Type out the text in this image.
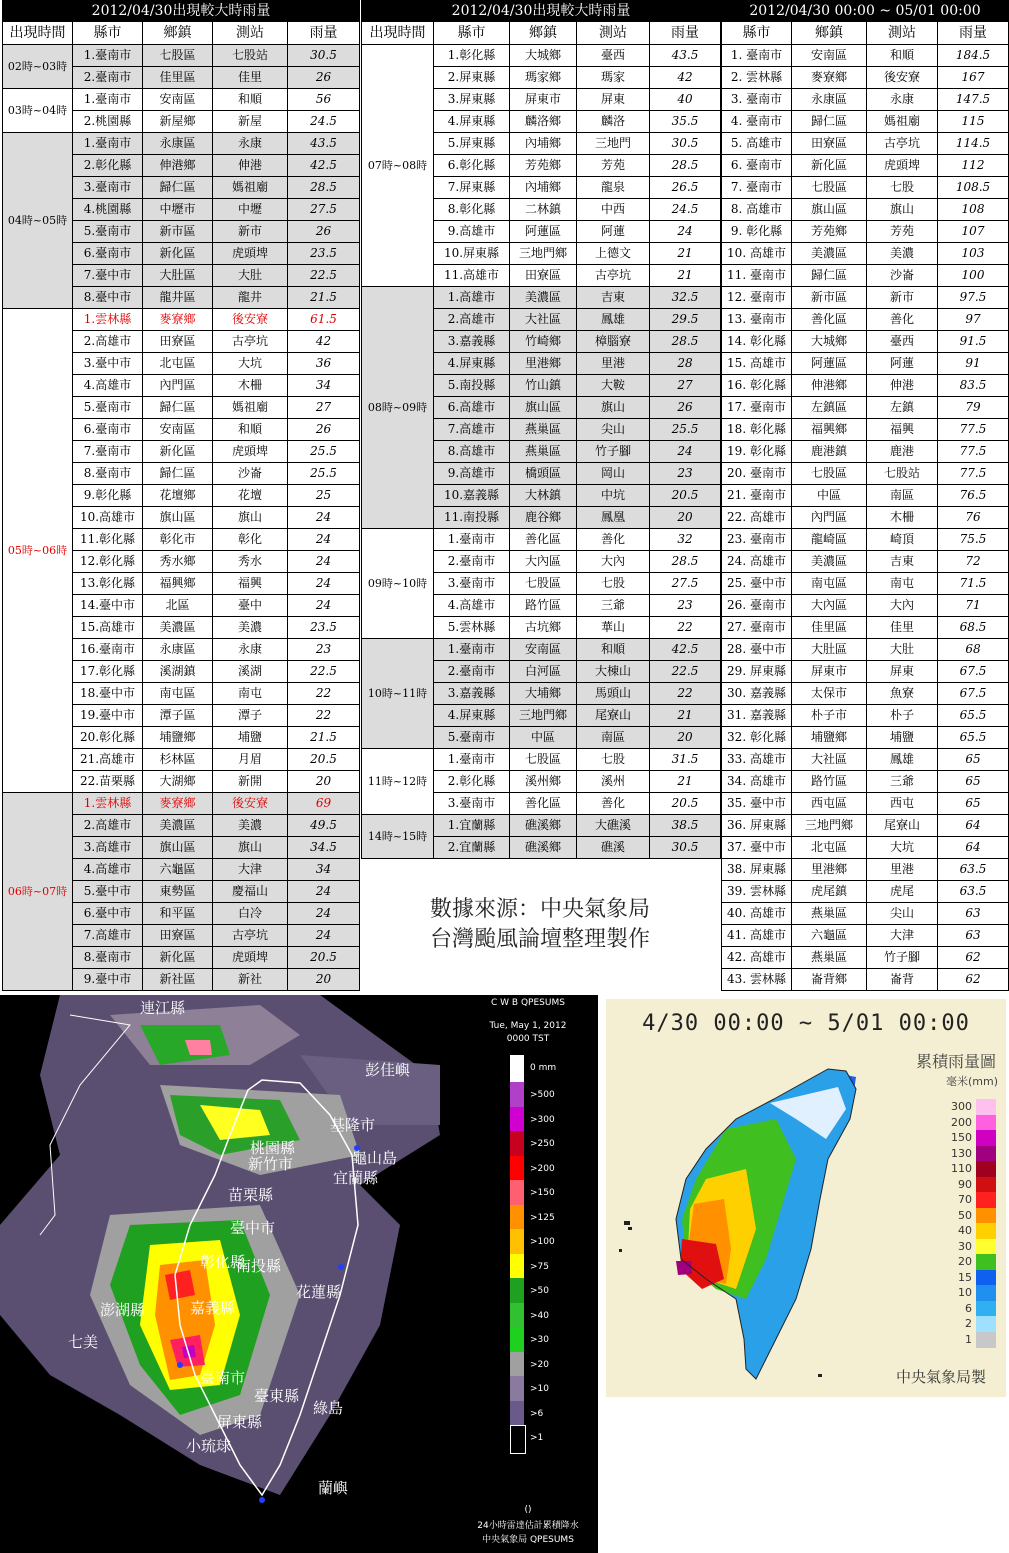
2012/04/30出現較大時雨量				
出現時間	縣市	鄉鎮	測站	雨量
02時~03時	1.臺南市	七股區	七股站	30.5
	2.臺南市	佳里區	佳里	26
03時~04時	1.臺南市	安南區	和順	56
	2.桃園縣	新屋鄉	新屋	24.5
04時~05時	1.臺南市	永康區	永康	43.5
	2.彰化縣	伸港鄉	伸港	42.5
	3.臺南市	歸仁區	媽祖廟	28.5
	4.桃園縣	中壢市	中壢	27.5
	5.臺南市	新市區	新市	26
	6.臺南市	新化區	虎頭埤	23.5
	7.臺中市	大肚區	大肚	22.5
	8.臺中市	龍井區	龍井	21.5
05時~06時	1.雲林縣	麥寮鄉	後安寮	61.5
	2.高雄市	田寮區	古亭坑	42
	3.臺中市	北屯區	大坑	36
	4.高雄市	內門區	木柵	34
	5.臺南市	歸仁區	媽祖廟	27
	6.臺南市	安南區	和順	26
	7.臺南市	新化區	虎頭埤	25.5
	8.臺南市	歸仁區	沙崙	25.5
	9.彰化縣	花壇鄉	花壇	25
	10.高雄市	旗山區	旗山	24
	11.彰化縣	彰化市	彰化	24
	12.彰化縣	秀水鄉	秀水	24
	13.彰化縣	福興鄉	福興	24
	14.臺中市	北區	臺中	24
	15.高雄市	美濃區	美濃	23.5
	16.臺南市	永康區	永康	23
	17.彰化縣	溪湖鎮	溪湖	22.5
	18.臺中市	南屯區	南屯	22
	19.臺中市	潭子區	潭子	22
	20.彰化縣	埔鹽鄉	埔鹽	21.5
	21.高雄市	杉林區	月眉	20.5
	22.苗栗縣	大湖鄉	新開	20
06時~07時	1.雲林縣	麥寮鄉	後安寮	69
	2.高雄市	美濃區	美濃	49.5
	3.高雄市	旗山區	旗山	34.5
	4.高雄市	六龜區	大津	34
	5.臺中市	東勢區	慶福山	24
	6.臺中市	和平區	白冷	24
	7.高雄市	田寮區	古亭坑	24
	8.臺南市	新化區	虎頭埤	20.5
	9.臺中市	新社區	新社	20
2012/04/30出現較大時雨量				
出現時間	縣市	鄉鎮	測站	雨量
07時~08時	1.彰化縣	大城鄉	臺西	43.5
	2.屏東縣	瑪家鄉	瑪家	42
	3.屏東縣	屏東市	屏東	40
	4.屏東縣	麟洛鄉	麟洛	35.5
	5.屏東縣	內埔鄉	三地門	30.5
	6.彰化縣	芳苑鄉	芳苑	28.5
	7.屏東縣	內埔鄉	龍泉	26.5
	8.彰化縣	二林鎮	中西	24.5
	9.高雄市	阿蓮區	阿蓮	24
	10.屏東縣	三地門鄉	上德文	21
	11.高雄市	田寮區	古亭坑	21
08時~09時	1.高雄市	美濃區	吉東	32.5
	2.高雄市	大社區	鳳雄	29.5
	3.嘉義縣	竹崎鄉	樟腦寮	28.5
	4.屏東縣	里港鄉	里港	28
	5.南投縣	竹山鎮	大鞍	27
	6.高雄市	旗山區	旗山	26
	7.高雄市	燕巢區	尖山	25.5
	8.高雄市	燕巢區	竹子腳	24
	9.高雄市	橋頭區	岡山	23
	10.嘉義縣	大林鎮	中坑	20.5
	11.南投縣	鹿谷鄉	鳳凰	20
09時~10時	1.臺南市	善化區	善化	32
	2.臺南市	大內區	大內	28.5
	3.臺南市	七股區	七股	27.5
	4.高雄市	路竹區	三爺	23
	5.雲林縣	古坑鄉	華山	22
10時~11時	1.臺南市	安南區	和順	42.5
	2.臺南市	白河區	大棟山	22.5
	3.嘉義縣	大埔鄉	馬頭山	22
	4.屏東縣	三地門鄉	尾寮山	21
	5.臺南市	中區	南區	20
11時~12時	1.臺南市	七股區	七股	31.5
	2.彰化縣	溪州鄉	溪州	21
	3.臺南市	善化區	善化	20.5
14時~15時	1.宜蘭縣	礁溪鄉	大礁溪	38.5
	2.宜蘭縣	礁溪鄉	礁溪	30.5
2012/04/30 00:00 ~ 05/01 00:00			
縣市	鄉鎮	測站	雨量
1. 臺南市	安南區	和順	184.5
2. 雲林縣	麥寮鄉	後安寮	167
3. 臺南市	永康區	永康	147.5
4. 臺南市	歸仁區	媽祖廟	115
5. 高雄市	田寮區	古亭坑	114.5
6. 臺南市	新化區	虎頭埤	112
7. 臺南市	七股區	七股	108.5
8. 高雄市	旗山區	旗山	108
9. 彰化縣	芳苑鄉	芳苑	107
10. 高雄市	美濃區	美濃	103
11. 臺南市	歸仁區	沙崙	100
12. 臺南市	新市區	新市	97.5
13. 臺南市	善化區	善化	97
14. 彰化縣	大城鄉	臺西	91.5
15. 高雄市	阿蓮區	阿蓮	91
16. 彰化縣	伸港鄉	伸港	83.5
17. 臺南市	左鎮區	左鎮	79
18. 彰化縣	福興鄉	福興	77.5
19. 彰化縣	鹿港鎮	鹿港	77.5
20. 臺南市	七股區	七股站	77.5
21. 臺南市	中區	南區	76.5
22. 高雄市	內門區	木柵	76
23. 臺南市	龍崎區	崎頂	75.5
24. 高雄市	美濃區	吉東	72
25. 臺中市	南屯區	南屯	71.5
26. 臺南市	大內區	大內	71
27. 臺南市	佳里區	佳里	68.5
28. 臺中市	大肚區	大肚	68
29. 屏東縣	屏東市	屏東	67.5
30. 嘉義縣	太保市	魚寮	67.5
31. 嘉義縣	朴子市	朴子	65.5
32. 彰化縣	埔鹽鄉	埔鹽	65.5
33. 高雄市	大社區	鳳雄	65
34. 高雄市	路竹區	三爺	65
35. 臺中市	西屯區	西屯	65
36. 屏東縣	三地門鄉	尾寮山	64
37. 臺中市	北屯區	大坑	64
38. 屏東縣	里港鄉	里港	63.5
39. 雲林縣	虎尾鎮	虎尾	63.5
40. 高雄市	燕巢區	尖山	63
41. 高雄市	六龜區	大津	63
42. 高雄市	燕巢區	竹子腳	62
43. 雲林縣	崙背鄉	崙背	62
數據來源：中央氣象局
台灣颱風論壇整理製作
連江縣
彭佳嶼
基隆市
桃園縣
新竹市
宜蘭縣
龜山島
苗栗縣
臺中市
彰化縣
南投縣
花蓮縣
澎湖縣
七美
嘉義縣
臺南市
臺東縣
綠島
屏東縣
小琉球
蘭嶼
C W B QPESUMS
Tue, May 1, 2012
0000 TST
0 mm
>500
>300
>250
>200
>150
>125
>100
>75
>50
>40
>30
>20
>10
>6
>1
()
24小時雷達估計累積降水
中央氣象局 QPESUMS
4/30 00:00 ~ 5/01 00:00
累積雨量圖
毫米(mm)
300
200
150
130
110
90
70
50
40
30
20
15
10
6
2
1
中央氣象局製
